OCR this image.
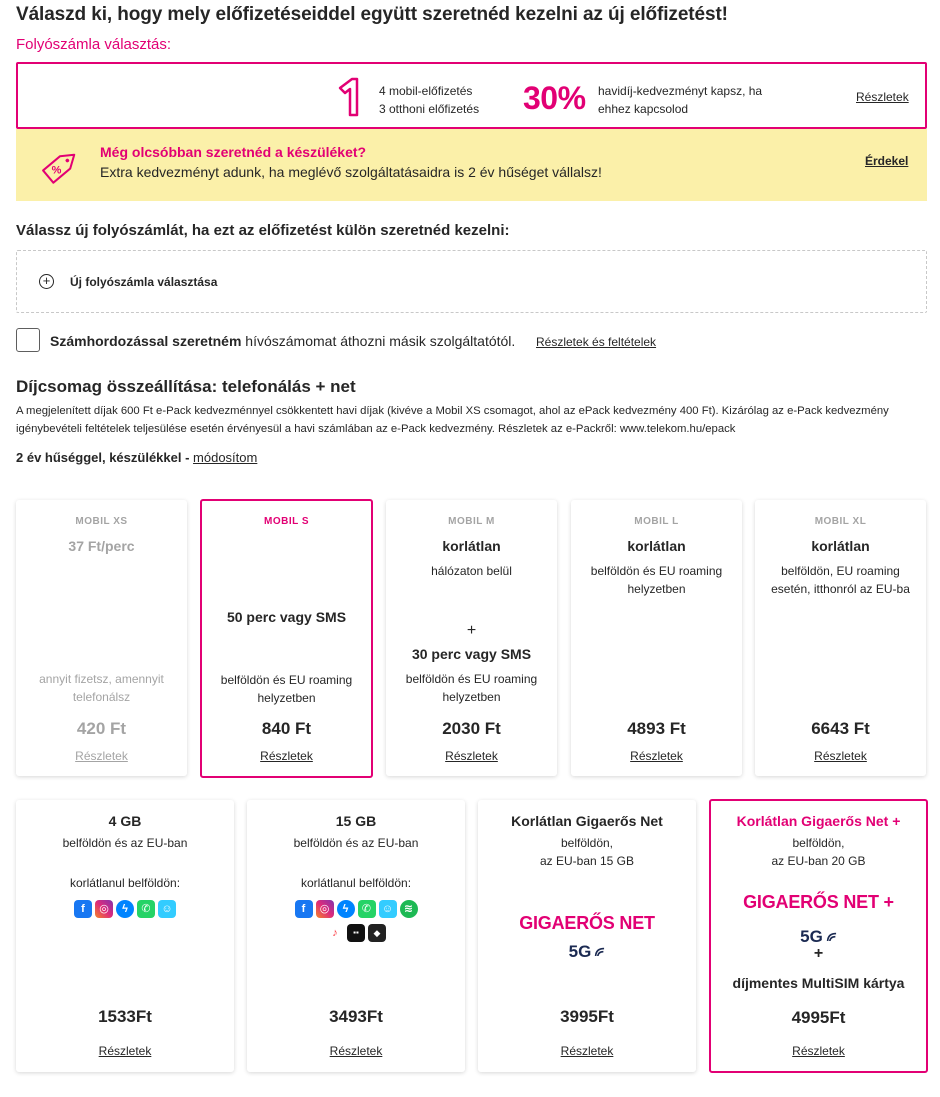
Válaszd ki, hogy mely előfizetéseiddel együtt szeretnéd kezelni az új előfizetést!
Folyószámla választás:
4 mobil-előfizetés
3 otthoni előfizetés 30% havidíj-kedvezményt kapsz, ha
ehhez kapcsolod
Részletek
%
Még olcsóbban szeretnéd a készüléket?
Extra kedvezményt adunk, ha meglévő szolgáltatásaidra is 2 év hűséget vállalsz!
Érdekel
Válassz új folyószámlát, ha ezt az előfizetést külön szeretnéd kezelni:
+	Új folyószámla választása
Számhordozással szeretném hívószámomat áthozni másik szolgáltatótól. Részletek és feltételek
Díjcsomag összeállítása: telefonálás + net
A megjelenített díjak 600 Ft e-Pack kedvezménnyel csökkentett havi díjak (kivéve a Mobil XS csomagot, ahol az ePack kedvezmény 400 Ft). Kizárólag az e-Pack kedvezmény igénybevételi feltételek teljesülése esetén érvényesül a havi számlában az e-Pack kedvezmény. Részletek az e-Packről: www.telekom.hu/epack
2 év hűséggel, készülékkel - módosítom
MOBIL XS
37 Ft/perc
annyit fizetsz, amennyit telefonálsz
420 Ft
Részletek
MOBIL S
50 perc vagy SMS
belföldön és EU roaming helyzetben
840 Ft
Részletek
MOBIL M
korlátlan
hálózaton belül
+
30 perc vagy SMS
belföldön és EU roaming helyzetben
2030 Ft
Részletek
MOBIL L
korlátlan
belföldön és EU roaming helyzetben
4893 Ft
Részletek
MOBIL XL
korlátlan
belföldön, EU roaming esetén, itthonról az EU-ba
6643 Ft
Részletek
4 GB
belföldön és az EU-ban
korlátlanul belföldön:
f	◎	ϟ	✆ ☺
1533Ft
Részletek
15 GB
belföldön és az EU-ban
korlátlanul belföldön:
f	◎	ϟ	✆ ☺ ≋
♪	▪▪	◆
3493Ft
Részletek
Korlátlan Gigaerős Net
belföldön,
az EU-ban 15 GB
GIGAERŐS NET
5G
3995Ft
Részletek
Korlátlan Gigaerős Net +
belföldön,
az EU-ban 20 GB
GIGAERŐS NET +
5G
+
díjmentes MultiSIM kártya
4995Ft
Részletek
